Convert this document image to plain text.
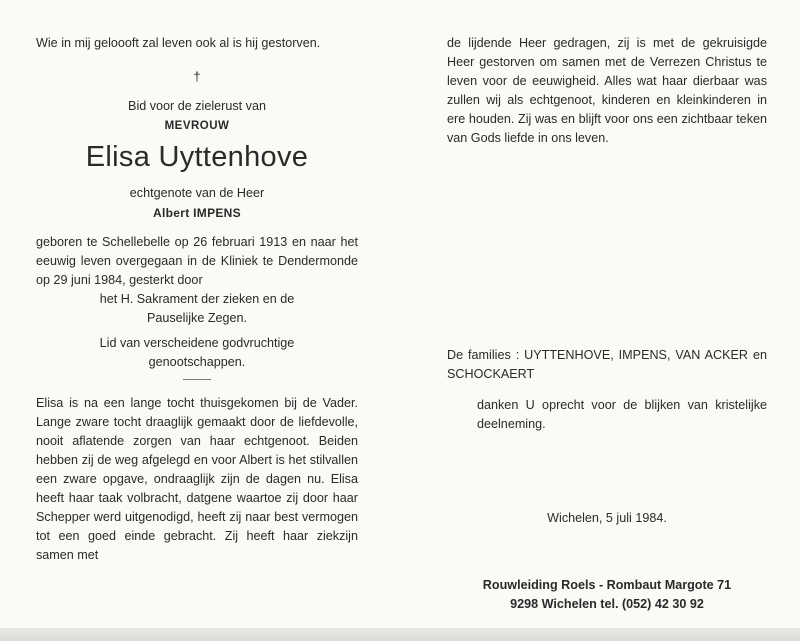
Wie in mij geloooft zal leven ook al is hij gestorven.

†

Bid voor de zielerust van

MEVROUW

Elisa Uyttenhove

echtgenote van de Heer

Albert IMPENS

geboren te Schellebelle op 26 februari 1913 en naar het eeuwig leven overgegaan in de Kliniek te Dendermonde op 29 juni 1984, gesterkt door

het H. Sakrament der zieken en de

Pauselijke Zegen.

Lid van verscheidene godvruchtige

genootschappen.

Elisa is na een lange tocht thuisgekomen bij de Vader. Lange zware tocht draaglijk gemaakt door de liefdevolle, nooit aflatende zorgen van haar echtgenoot. Beiden hebben zij de weg afgelegd en voor Albert is het stilvallen een zware opgave, ondraaglijk zijn de dagen nu. Elisa heeft haar taak volbracht, datgene waartoe zij door haar Schepper werd uitgenodigd, heeft zij naar best vermogen tot een goed einde gebracht. Zij heeft haar ziekzijn samen met

de lijdende Heer gedragen, zij is met de gekruisigde Heer gestorven om samen met de Verrezen Christus te leven voor de eeuwigheid. Alles wat haar dierbaar was zullen wij als echtgenoot, kinderen en kleinkinderen in ere houden. Zij was en blijft voor ons een zichtbaar teken van Gods liefde in ons leven.

De families : UYTTENHOVE, IMPENS, VAN ACKER en SCHOCKAERT

danken U oprecht voor de blijken van kristelijke deelneming.

Wichelen, 5 juli 1984.

Rouwleiding Roels - Rombaut Margote 71

9298 Wichelen tel. (052) 42 30 92
